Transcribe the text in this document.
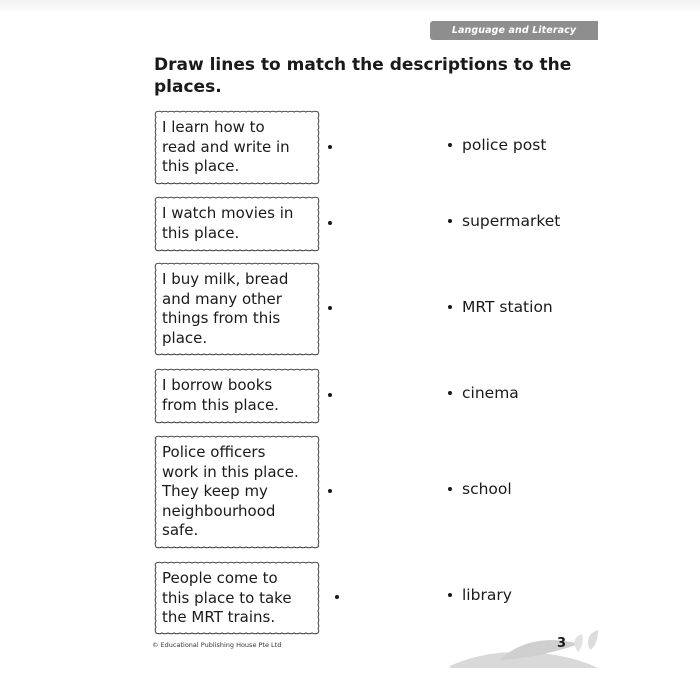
Language and Literacy
Draw lines to match the descriptions to the places.
I learn how to
read and write in
this place.
I watch movies in
this place.
I buy milk, bread
and many other
things from this
place.
I borrow books
from this place.
Police officers
work in this place.
They keep my
neighbourhood
safe.
People come to
this place to take
the MRT trains.
police post
supermarket
MRT station
cinema
school
library
© Educational Publishing House Pte Ltd	3
